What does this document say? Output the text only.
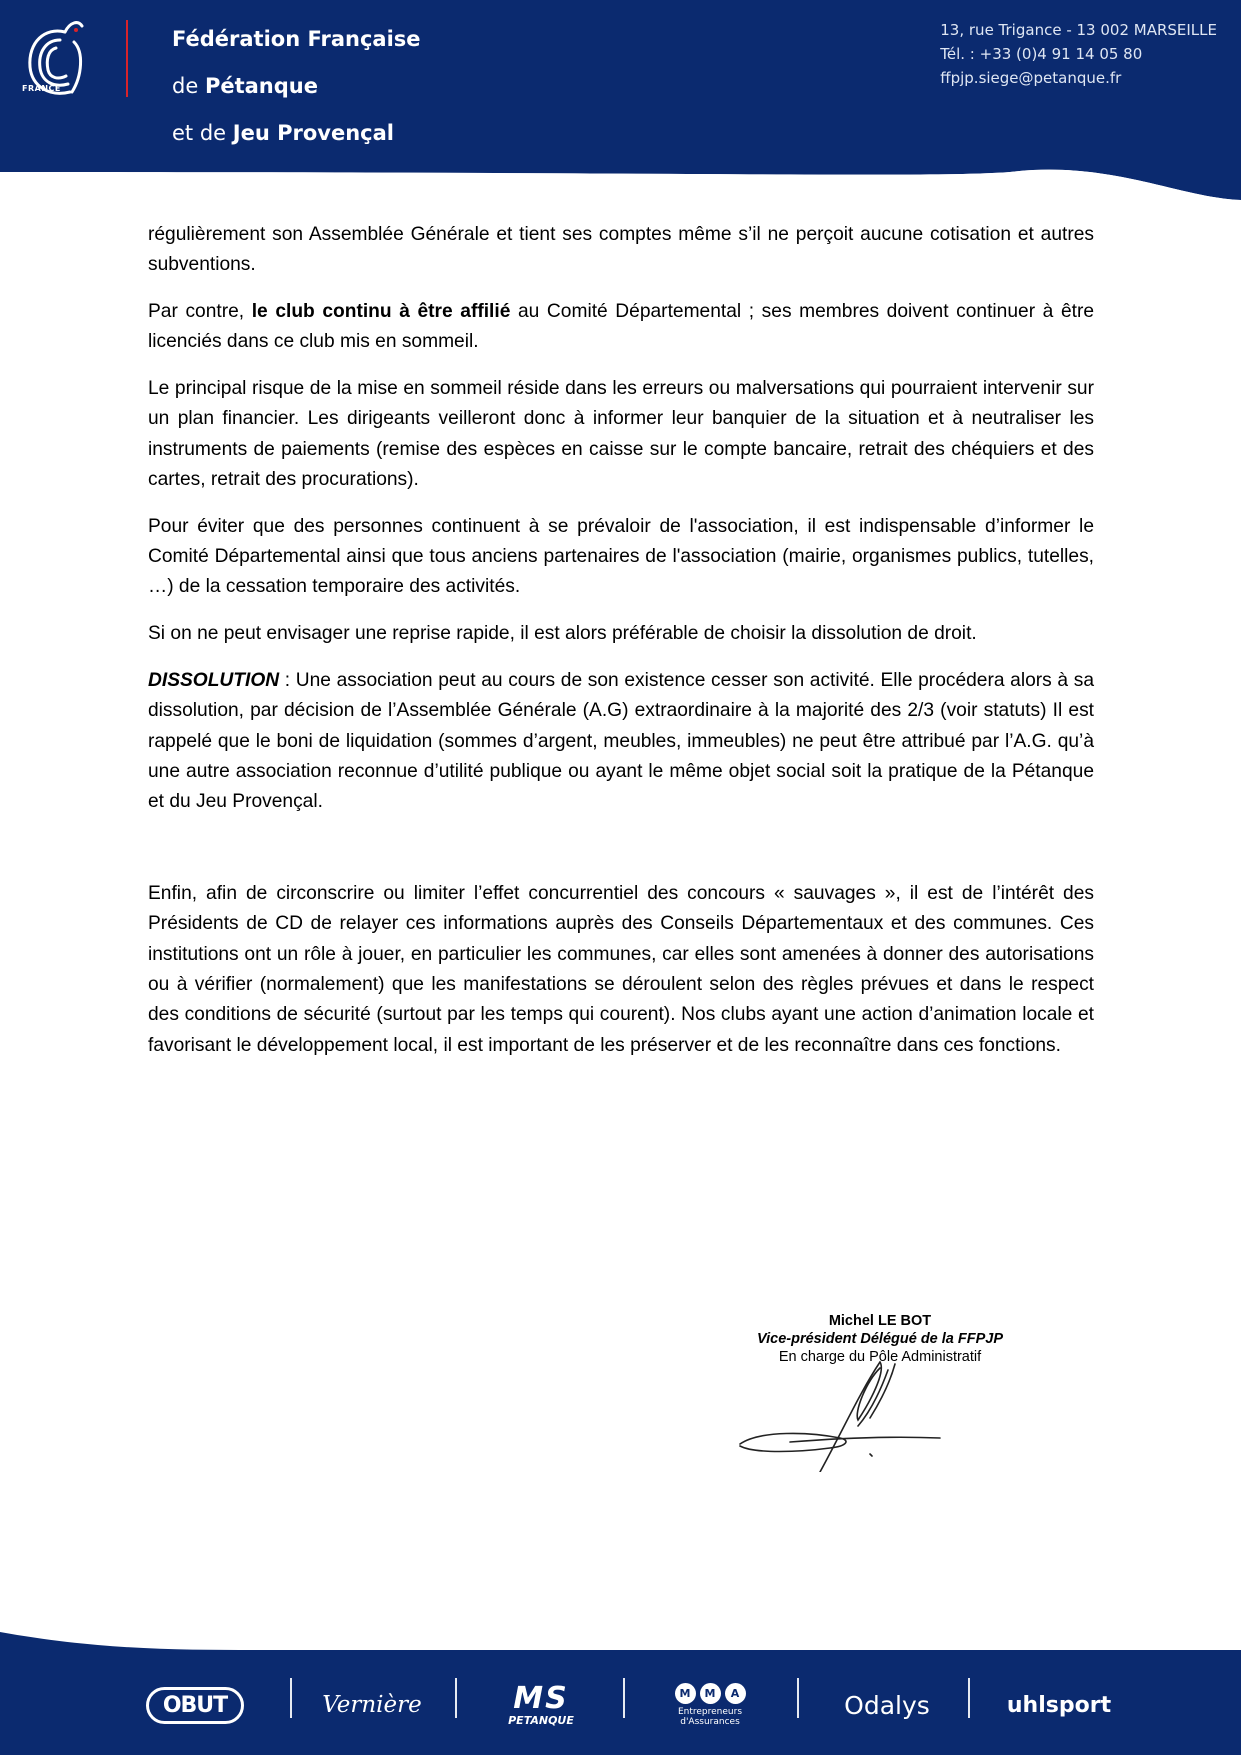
FRANCE
Fédération Française
de Pétanque
et de Jeu Provençal
13, rue Trigance - 13 002 MARSEILLE
Tél. : +33 (0)4 91 14 05 80
ffpjp.siege@petanque.fr

régulièrement son Assemblée Générale et tient ses comptes même s’il ne perçoit aucune cotisation et autres subventions.

Par contre, le club continu à être affilié au Comité Départemental ; ses membres doivent continuer à être licenciés dans ce club mis en sommeil.

Le principal risque de la mise en sommeil réside dans les erreurs ou malversations qui pourraient intervenir sur un plan financier. Les dirigeants veilleront donc à informer leur banquier de la situation et à neutraliser les instruments de paiements (remise des espèces en caisse sur le compte bancaire, retrait des chéquiers et des cartes, retrait des procurations).

Pour éviter que des personnes continuent à se prévaloir de l'association, il est indispensable d’informer le Comité Départemental ainsi que tous anciens partenaires de l'association (mairie, organismes publics, tutelles, …) de la cessation temporaire des activités.

Si on ne peut envisager une reprise rapide, il est alors préférable de choisir la dissolution de droit.

DISSOLUTION : Une association peut au cours de son existence cesser son activité. Elle procédera alors à sa dissolution, par décision de l’Assemblée Générale (A.G) extraordinaire à la majorité des 2/3 (voir statuts) Il est rappelé que le boni de liquidation (sommes d’argent, meubles, immeubles) ne peut être attribué par l’A.G. qu’à une autre association reconnue d’utilité publique ou ayant le même objet social soit la pratique de la Pétanque et du Jeu Provençal.

Enfin, afin de circonscrire ou limiter l’effet concurrentiel des concours « sauvages », il est de l’intérêt des Présidents de CD de relayer ces informations auprès des Conseils Départementaux et des communes. Ces institutions ont un rôle à jouer, en particulier les communes, car elles sont amenées à donner des autorisations ou à vérifier (normalement) que les manifestations se déroulent selon des règles prévues et dans le respect des conditions de sécurité (surtout par les temps qui courent). Nos clubs ayant une action d’animation locale et favorisant le développement local, il est important de les préserver et de les reconnaître dans ces fonctions.

Michel LE BOT
Vice-président Délégué de la FFPJP
En charge du Pôle Administratif
OBUT	Vernière	MS
PETANQUE
M	M	A
Entrepreneurs d'Assurances
Odalys	uhlsport
